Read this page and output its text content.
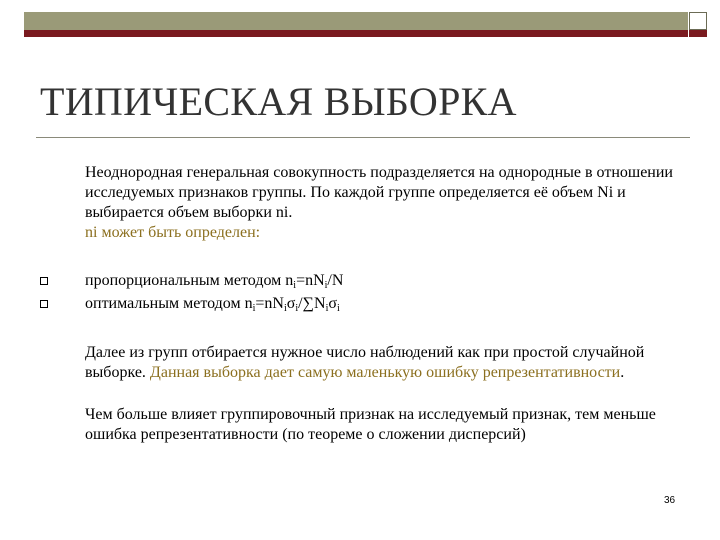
ТИПИЧЕСКАЯ ВЫБОРКА
Неоднородная генеральная совокупность подразделяется на однородные в отношении исследуемых признаков группы. По каждой группе определяется её объем Ni и выбирается объем выборки ni.
ni может быть определен:
пропорциональным методом $n_i=nN_i/N$
оптимальным методом $n_i=nN_i\sigma_i/\sum N_i\sigma_i$
Далее из групп отбирается нужное число наблюдений как при простой случайной выборке. Данная выборка дает самую маленькую ошибку репрезентативности.
Чем больше влияет группировочный признак на исследуемый признак, тем меньше ошибка репрезентативности (по теореме о сложении дисперсий)
36
